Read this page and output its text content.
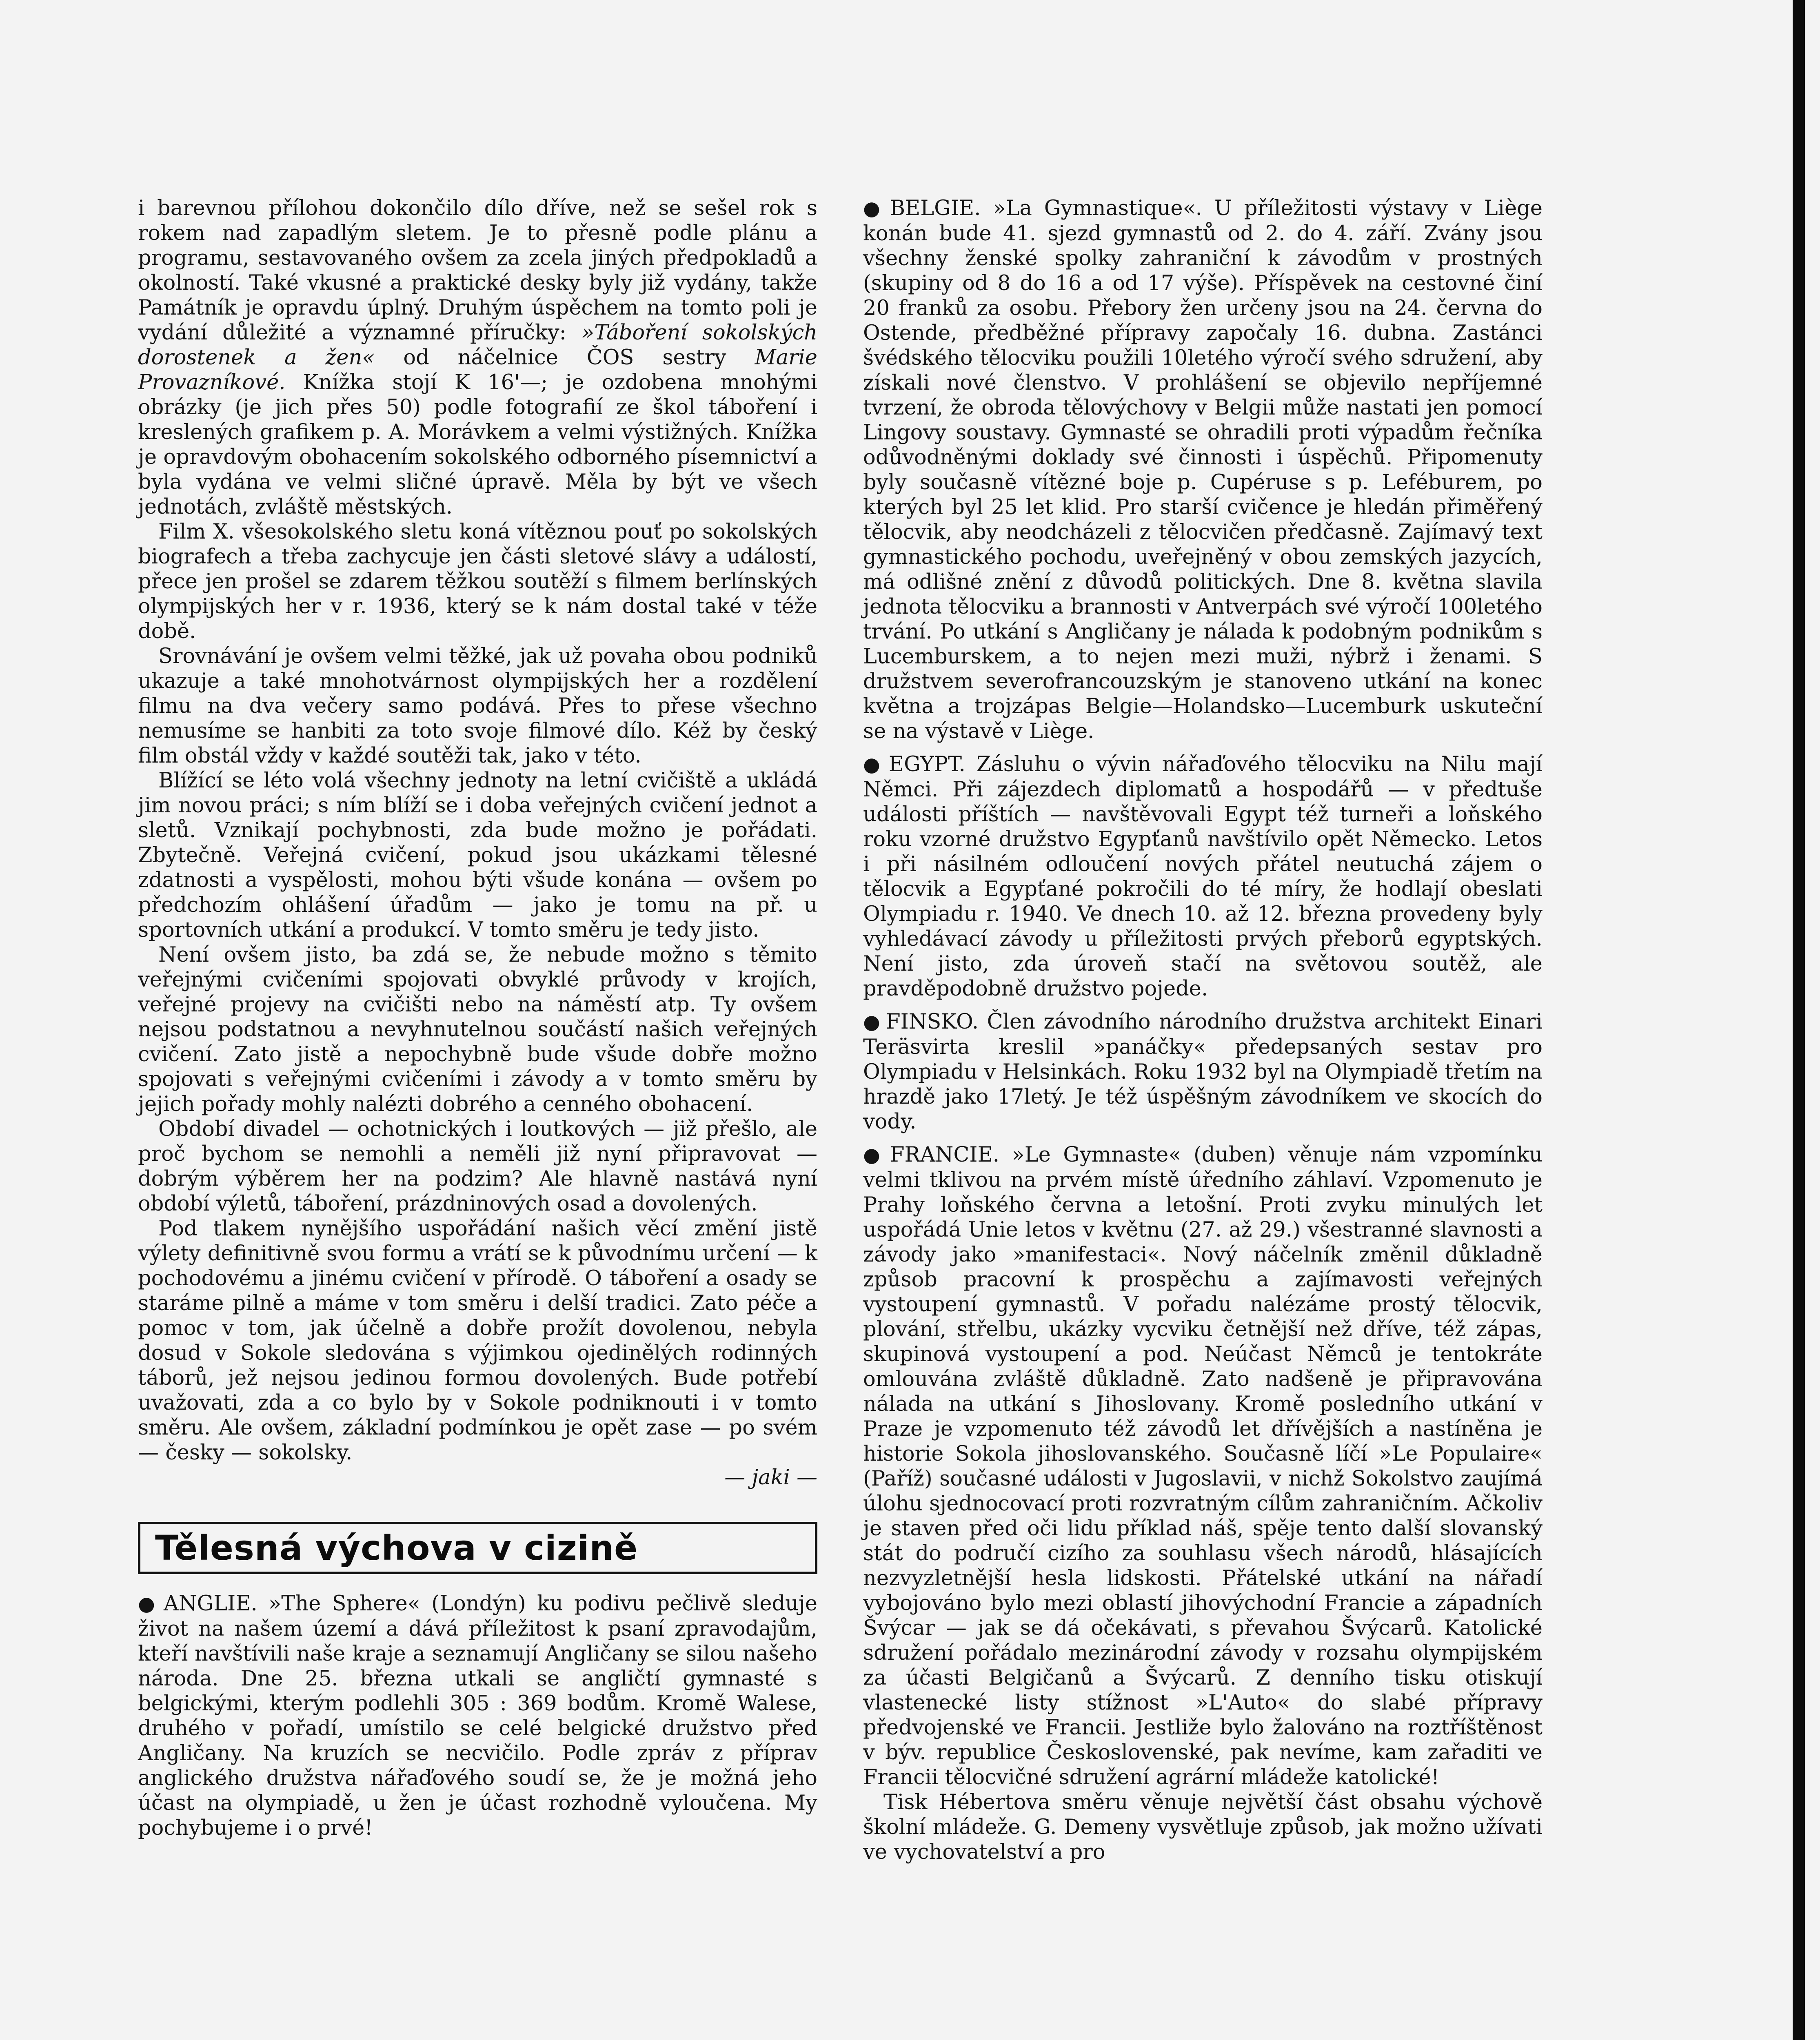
i barevnou přílohou dokončilo dílo dříve, než se sešel rok s rokem nad zapadlým sletem. Je to přesně podle plánu a programu, sestavovaného ovšem za zcela jiných předpokladů a okolností. Také vkusné a praktické desky byly již vydány, takže Památník je opravdu úplný. Druhým úspěchem na tomto poli je vydání důležité a významné příručky: »Táboření sokolských dorostenek a žen« od náčelnice ČOS sestry Marie Provazníkové. Knížka stojí K 16'—; je ozdobena mnohými obrázky (je jich přes 50) podle fotografií ze škol táboření i kreslených grafikem p. A. Morávkem a velmi výstižných. Knížka je opravdovým obohacením sokolského odborného písemnictví a byla vydána ve velmi sličné úpravě. Měla by být ve všech jednotách, zvláště městských.

Film X. všesokolského sletu koná vítěznou pouť po sokolských biografech a třeba zachycuje jen části sletové slávy a událostí, přece jen prošel se zdarem těžkou soutěží s filmem berlínských olympijských her v r. 1936, který se k nám dostal také v téže době.

Srovnávání je ovšem velmi těžké, jak už povaha obou podniků ukazuje a také mnohotvárnost olympijských her a rozdělení filmu na dva večery samo podává. Přes to přese všechno nemusíme se hanbiti za toto svoje filmové dílo. Kéž by český film obstál vždy v každé soutěži tak, jako v této.

Blížící se léto volá všechny jednoty na letní cvičiště a ukládá jim novou práci; s ním blíží se i doba veřejných cvičení jednot a sletů. Vznikají pochybnosti, zda bude možno je pořádati. Zbytečně. Veřejná cvičení, pokud jsou ukázkami tělesné zdatnosti a vyspělosti, mohou býti všude konána — ovšem po předchozím ohlášení úřadům — jako je tomu na př. u sportovních utkání a produkcí. V tomto směru je tedy jisto.

Není ovšem jisto, ba zdá se, že nebude možno s těmito veřejnými cvičeními spojovati obvyklé průvody v krojích, veřejné projevy na cvičišti nebo na náměstí atp. Ty ovšem nejsou podstatnou a nevyhnutelnou součástí našich veřejných cvičení. Zato jistě a nepochybně bude všude dobře možno spojovati s veřejnými cvičeními i závody a v tomto směru by jejich pořady mohly nalézti dobrého a cenného obohacení.

Období divadel — ochotnických i loutkových — již přešlo, ale proč bychom se nemohli a neměli již nyní připravovat — dobrým výběrem her na podzim? Ale hlavně nastává nyní období výletů, táboření, prázdninových osad a dovolených.

Pod tlakem nynějšího uspořádání našich věcí změní jistě výlety definitivně svou formu a vrátí se k původnímu určení — k pochodovému a jinému cvičení v přírodě. O táboření a osady se staráme pilně a máme v tom směru i delší tradici. Zato péče a pomoc v tom, jak účelně a dobře prožít dovolenou, nebyla dosud v Sokole sledována s výjimkou ojedinělých rodinných táborů, jež nejsou jedinou formou dovolených. Bude potřebí uvažovati, zda a co bylo by v Sokole podniknouti i v tomto směru. Ale ovšem, základní podmínkou je opět zase — po svém — česky — sokolsky.

— jaki —

Tělesná výchova v cizině

● ANGLIE. »The Sphere« (Londýn) ku podivu pečlivě sleduje život na našem území a dává příležitost k psaní zpravodajům, kteří navštívili naše kraje a seznamují Angličany se silou našeho národa. Dne 25. března utkali se angličtí gymnasté s belgickými, kterým podlehli 305 : 369 bodům. Kromě Walese, druhého v pořadí, umístilo se celé belgické družstvo před Angličany. Na kruzích se necvičilo. Podle zpráv z příprav anglického družstva nářaďového soudí se, že je možná jeho účast na olympiadě, u žen je účast rozhodně vyloučena. My pochybujeme i o prvé!

● BELGIE. »La Gymnastique«. U příležitosti výstavy v Liège konán bude 41. sjezd gymnastů od 2. do 4. září. Zvány jsou všechny ženské spolky zahraniční k závodům v prostných (skupiny od 8 do 16 a od 17 výše). Příspěvek na cestovné činí 20 franků za osobu. Přebory žen určeny jsou na 24. června do Ostende, předběžné přípravy započaly 16. dubna. Zastánci švédského tělocviku použili 10letého výročí svého sdružení, aby získali nové členstvo. V prohlášení se objevilo nepříjemné tvrzení, že obroda tělovýchovy v Belgii může nastati jen pomocí Lingovy soustavy. Gymnasté se ohradili proti výpadům řečníka odůvodněnými doklady své činnosti i úspěchů. Připomenuty byly současně vítězné boje p. Cupéruse s p. Leféburem, po kterých byl 25 let klid. Pro starší cvičence je hledán přiměřený tělocvik, aby neodcházeli z tělocvičen předčasně. Zajímavý text gymnastického pochodu, uveřejněný v obou zemských jazycích, má odlišné znění z důvodů politických. Dne 8. května slavila jednota tělocviku a brannosti v Antverpách své výročí 100letého trvání. Po utkání s Angličany je nálada k podobným podnikům s Lucemburskem, a to nejen mezi muži, nýbrž i ženami. S družstvem severofrancouzským je stanoveno utkání na konec května a trojzápas Belgie—Holandsko—Lucemburk uskuteční se na výstavě v Liège.

● EGYPT. Zásluhu o vývin nářaďového tělocviku na Nilu mají Němci. Při zájezdech diplomatů a hospodářů — v předtuše události příštích — navštěvovali Egypt též turneři a loňského roku vzorné družstvo Egypťanů navštívilo opět Německo. Letos i při násilném odloučení nových přátel neutuchá zájem o tělocvik a Egypťané pokročili do té míry, že hodlají obeslati Olympiadu r. 1940. Ve dnech 10. až 12. března provedeny byly vyhledávací závody u příležitosti prvých přeborů egyptských. Není jisto, zda úroveň stačí na světovou soutěž, ale pravděpodobně družstvo pojede.

● FINSKO. Člen závodního národního družstva architekt Einari Teräsvirta kreslil »panáčky« předepsaných sestav pro Olympiadu v Helsinkách. Roku 1932 byl na Olympiadě třetím na hrazdě jako 17letý. Je též úspěšným závodníkem ve skocích do vody.

● FRANCIE. »Le Gymnaste« (duben) věnuje nám vzpomínku velmi tklivou na prvém místě úředního záhlaví. Vzpomenuto je Prahy loňského června a letošní. Proti zvyku minulých let uspořádá Unie letos v květnu (27. až 29.) všestranné slavnosti a závody jako »manifestaci«. Nový náčelník změnil důkladně způsob pracovní k prospěchu a zajímavosti veřejných vystoupení gymnastů. V pořadu nalézáme prostý tělocvik, plování, střelbu, ukázky vycviku četnější než dříve, též zápas, skupinová vystoupení a pod. Neúčast Němců je tentokráte omlouvána zvláště důkladně. Zato nadšeně je připravována nálada na utkání s Jihoslovany. Kromě posledního utkání v Praze je vzpomenuto též závodů let dřívějších a nastíněna je historie Sokola jihoslovanského. Současně líčí »Le Populaire« (Paříž) současné události v Jugoslavii, v nichž Sokolstvo zaujímá úlohu sjednocovací proti rozvratným cílům zahraničním. Ačkoliv je staven před oči lidu příklad náš, spěje tento další slovanský stát do područí cizího za souhlasu všech národů, hlásajících nezvyzletnější hesla lidskosti. Přátelské utkání na nářadí vybojováno bylo mezi oblastí jihovýchodní Francie a západních Švýcar — jak se dá očekávati, s převahou Švýcarů. Katolické sdružení pořádalo mezinárodní závody v rozsahu olympijském za účasti Belgičanů a Švýcarů. Z denního tisku otiskují vlastenecké listy stížnost »L'Auto« do slabé přípravy předvojenské ve Francii. Jestliže bylo žalováno na roztříštěnost v býv. republice Československé, pak nevíme, kam zařaditi ve Francii tělocvičné sdružení agrární mládeže katolické!

Tisk Hébertova směru věnuje největší část obsahu výchově školní mládeže. G. Demeny vysvětluje způsob, jak možno užívati ve vychovatelství a pro
